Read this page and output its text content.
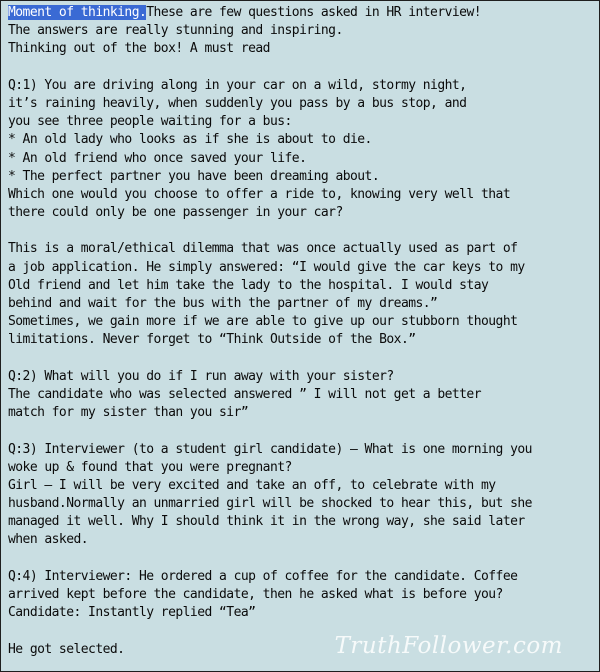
Moment of thinking.These are few questions asked in HR interview!
The answers are really stunning and inspiring.
Thinking out of the box! A must read
Q:1) You are driving along in your car on a wild, stormy night,
it’s raining heavily, when suddenly you pass by a bus stop, and
you see three people waiting for a bus:
* An old lady who looks as if she is about to die.
* An old friend who once saved your life.
* The perfect partner you have been dreaming about.
Which one would you choose to offer a ride to, knowing very well that
there could only be one passenger in your car?
This is a moral/ethical dilemma that was once actually used as part of
a job application. He simply answered: “I would give the car keys to my
Old friend and let him take the lady to the hospital. I would stay
behind and wait for the bus with the partner of my dreams.”
Sometimes, we gain more if we are able to give up our stubborn thought
limitations. Never forget to “Think Outside of the Box.”
Q:2) What will you do if I run away with your sister?
The candidate who was selected answered ” I will not get a better
match for my sister than you sir”
Q:3) Interviewer (to a student girl candidate) – What is one morning you
woke up & found that you were pregnant?
Girl – I will be very excited and take an off, to celebrate with my
husband.Normally an unmarried girl will be shocked to hear this, but she
managed it well. Why I should think it in the wrong way, she said later
when asked.
Q:4) Interviewer: He ordered a cup of coffee for the candidate. Coffee
arrived kept before the candidate, then he asked what is before you?
Candidate: Instantly replied “Tea”
He got selected.	TruthFollower.com
